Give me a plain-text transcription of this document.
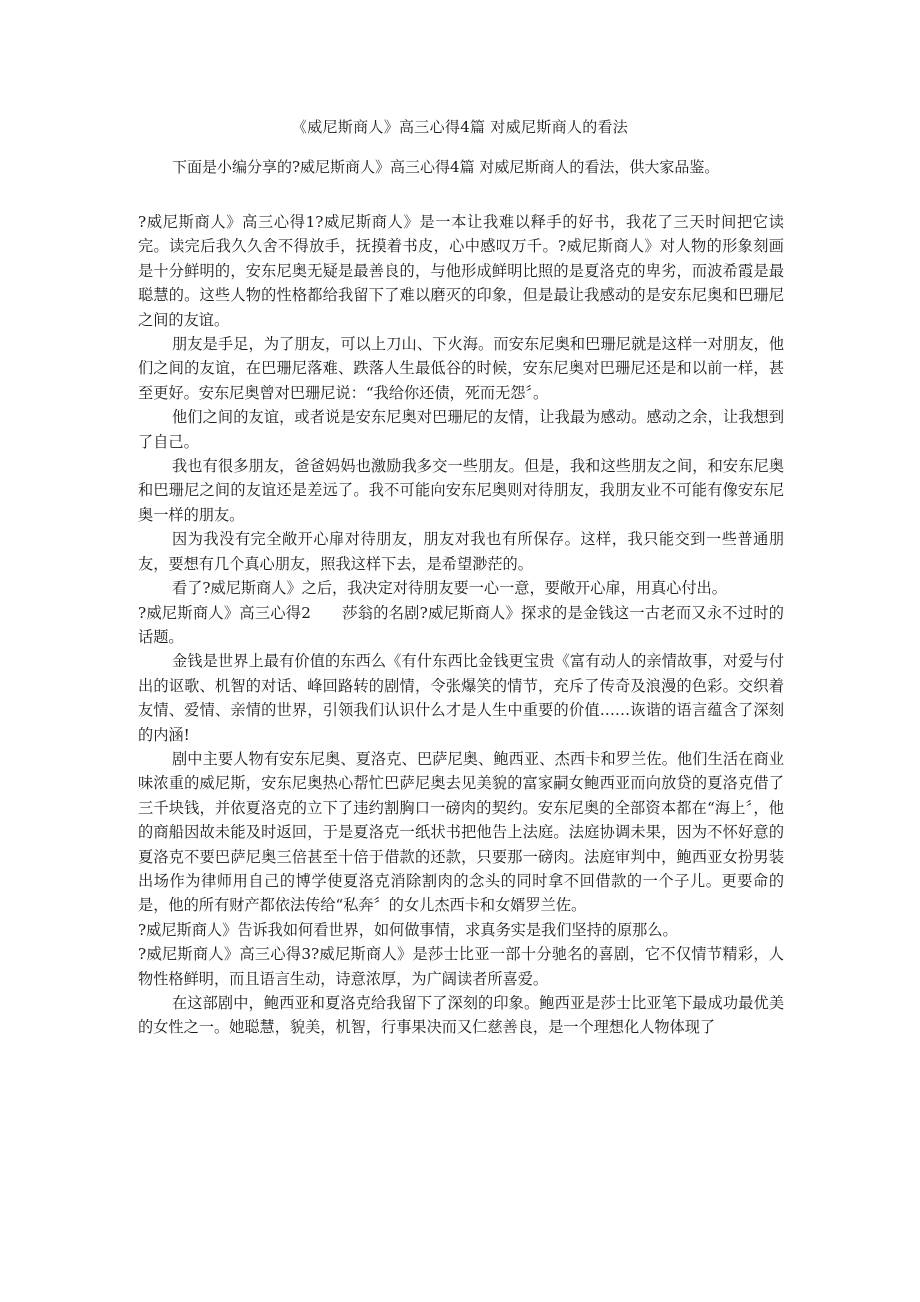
《威尼斯商人》高三心得4篇 对威尼斯商人的看法
下面是小编分享的?威尼斯商人》高三心得4篇 对威尼斯商人的看法，供大家品鉴。

?威尼斯商人》高三心得1?威尼斯商人》是一本让我难以释手的好书，我花了三天时间把它读完。读完后我久久舍不得放手，抚摸着书皮，心中感叹万千。?威尼斯商人》对人物的形象刻画是十分鲜明的，安东尼奥无疑是最善良的，与他形成鲜明比照的是夏洛克的卑劣，而波希霞是最聪慧的。这些人物的性格都给我留下了难以磨灭的印象，但是最让我感动的是安东尼奥和巴珊尼之间的友谊。

朋友是手足，为了朋友，可以上刀山、下火海。而安东尼奥和巴珊尼就是这样一对朋友，他们之间的友谊，在巴珊尼落难、跌落人生最低谷的时候，安东尼奥对巴珊尼还是和以前一样，甚至更好。安东尼奥曾对巴珊尼说：“我给你还债，死而无怨〞。

他们之间的友谊，或者说是安东尼奥对巴珊尼的友情，让我最为感动。感动之余，让我想到了自己。

我也有很多朋友，爸爸妈妈也激励我多交一些朋友。但是，我和这些朋友之间，和安东尼奥和巴珊尼之间的友谊还是差远了。我不可能向安东尼奥则对待朋友，我朋友业不可能有像安东尼奥一样的朋友。

因为我没有完全敞开心扉对待朋友，朋友对我也有所保存。这样，我只能交到一些普通朋友，要想有几个真心朋友，照我这样下去，是希望渺茫的。

看了?威尼斯商人》之后，我决定对待朋友要一心一意，要敞开心扉，用真心付出。

?威尼斯商人》高三心得2　　莎翁的名剧?威尼斯商人》探求的是金钱这一古老而又永不过时的话题。

金钱是世界上最有价值的东西么《有什东西比金钱更宝贵《富有动人的亲情故事，对爱与付出的讴歌、机智的对话、峰回路转的剧情，令张爆笑的情节，充斥了传奇及浪漫的色彩。交织着友情、爱情、亲情的世界，引领我们认识什么才是人生中重要的价值……诙谐的语言蕴含了深刻的内涵!

剧中主要人物有安东尼奥、夏洛克、巴萨尼奥、鲍西亚、杰西卡和罗兰佐。他们生活在商业味浓重的威尼斯，安东尼奥热心帮忙巴萨尼奥去见美貌的富家嗣女鲍西亚而向放贷的夏洛克借了三千块钱，并依夏洛克的立下了违约割胸口一磅肉的契约。安东尼奥的全部资本都在“海上〞，他的商船因故未能及时返回，于是夏洛克一纸状书把他告上法庭。法庭协调未果，因为不怀好意的夏洛克不要巴萨尼奥三倍甚至十倍于借款的还款，只要那一磅肉。法庭审判中，鲍西亚女扮男装出场作为律师用自己的博学使夏洛克消除割肉的念头的同时拿不回借款的一个子儿。更要命的是，他的所有财产都依法传给“私奔〞的女儿杰西卡和女婿罗兰佐。

?威尼斯商人》告诉我如何看世界，如何做事情，求真务实是我们坚持的原那么。

?威尼斯商人》高三心得3?威尼斯商人》是莎士比亚一部十分驰名的喜剧，它不仅情节精彩，人物性格鲜明，而且语言生动，诗意浓厚，为广阔读者所喜爱。

在这部剧中，鲍西亚和夏洛克给我留下了深刻的印象。鲍西亚是莎士比亚笔下最成功最优美的女性之一。她聪慧，貌美，机智，行事果决而又仁慈善良，是一个理想化人物体现了
